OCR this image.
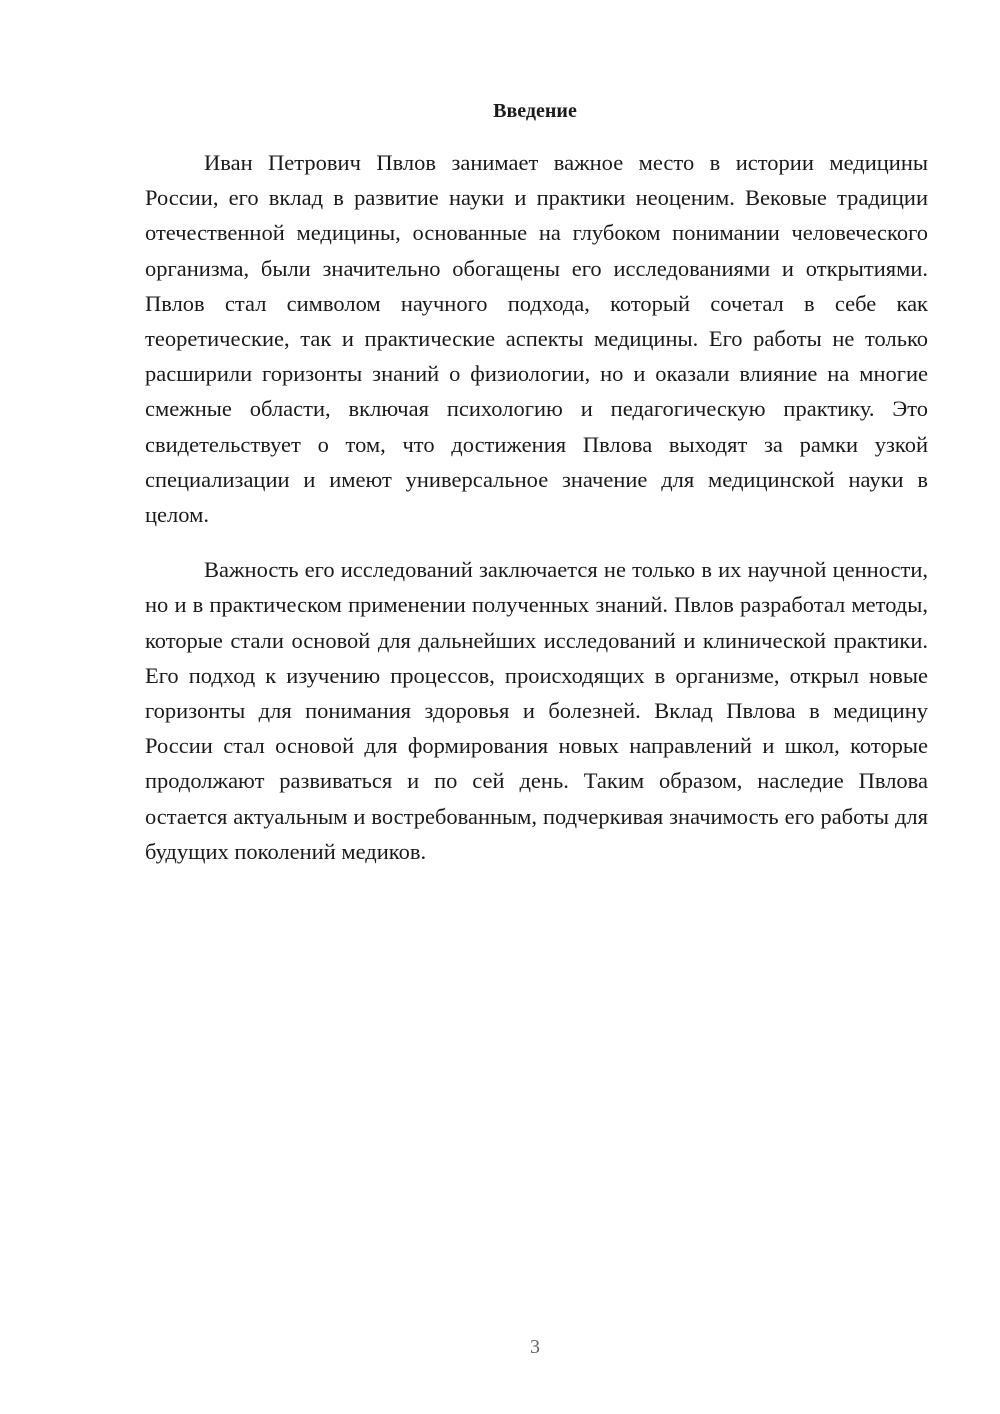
Введение

Иван Петрович Пвлов занимает важное место в истории медицины России, его вклад в развитие науки и практики неоценим. Вековые традиции отечественной медицины, основанные на глубоком понимании человеческого организма, были значительно обогащены его исследованиями и открытиями. Пвлов стал символом научного подхода, который сочетал в себе как теоретические, так и практические аспекты медицины. Его работы не только расширили горизонты знаний о физиологии, но и оказали влияние на многие смежные области, включая психологию и педагогическую практику. Это свидетельствует о том, что достижения Пвлова выходят за рамки узкой специализации и имеют универсальное значение для медицинской науки в целом.

Важность его исследований заключается не только в их научной ценности, но и в практическом применении полученных знаний. Пвлов разработал методы, которые стали основой для дальнейших исследований и клинической практики. Его подход к изучению процессов, происходящих в организме, открыл новые горизонты для понимания здоровья и болезней. Вклад Пвлова в медицину России стал основой для формирования новых направлений и школ, которые продолжают развиваться и по сей день. Таким образом, наследие Пвлова остается актуальным и востребованным, подчеркивая значимость его работы для будущих поколений медиков.

3
